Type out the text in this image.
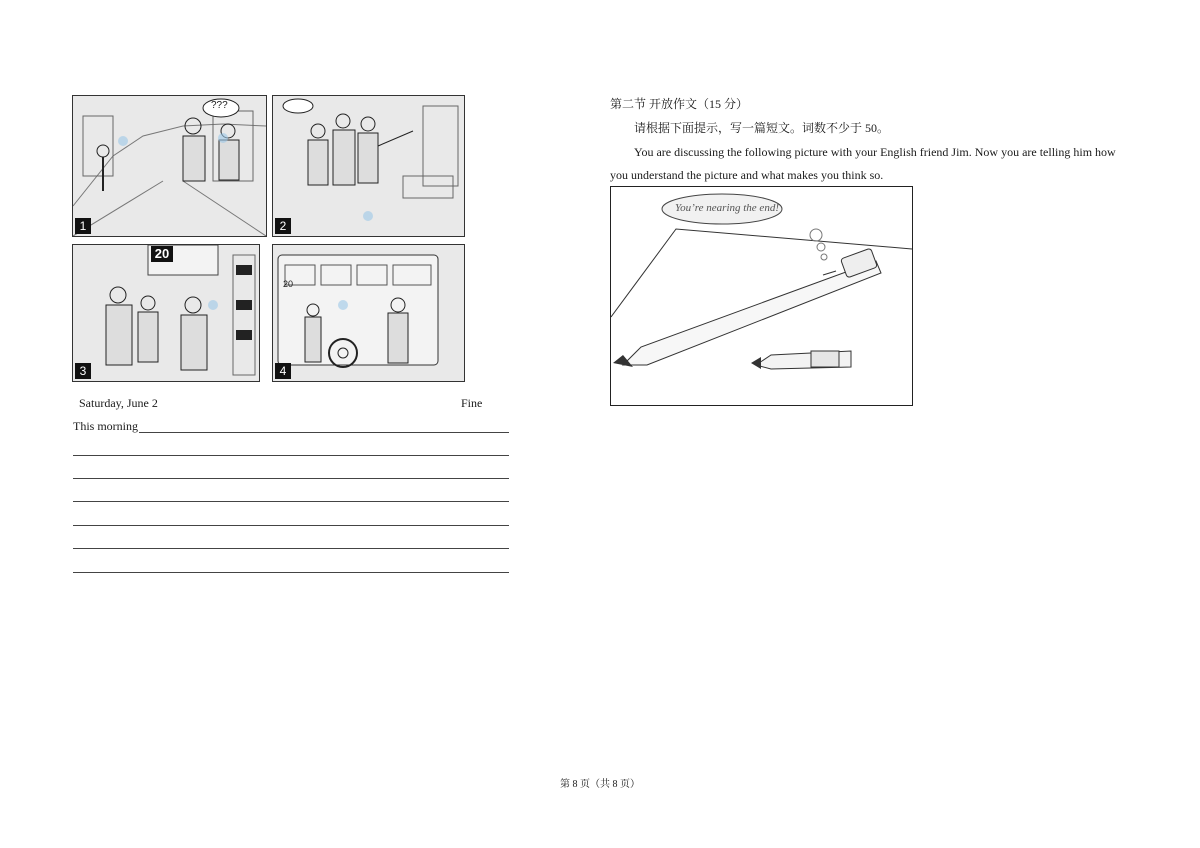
???
1	2
20
3
20
4
Saturday, June 2	Fine
This morning
第二节 开放作文（15 分）
请根据下面提示，写一篇短文。词数不少于 50。
You are discussing the following picture with your English friend Jim. Now you are telling him how
you understand the picture and what makes you think so.
You’re nearing the end!
第 8 页（共 8 页）
